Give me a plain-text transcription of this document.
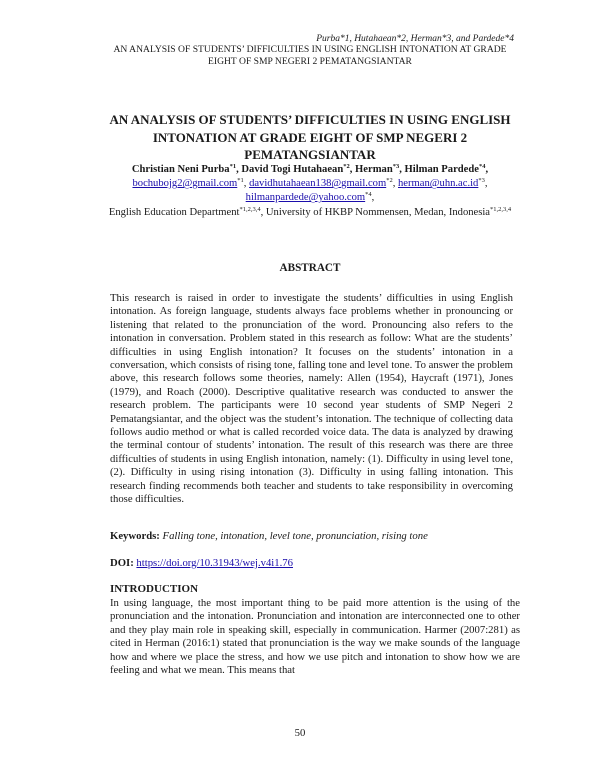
Purba*1, Hutahaean*2, Herman*3, and Pardede*4
AN ANALYSIS OF STUDENTS’ DIFFICULTIES IN USING ENGLISH INTONATION AT GRADE EIGHT OF SMP NEGERI 2 PEMATANGSIANTAR
AN ANALYSIS OF STUDENTS’ DIFFICULTIES IN USING ENGLISH INTONATION AT GRADE EIGHT OF SMP NEGERI 2 PEMATANGSIANTAR
Christian Neni Purba$^{*1}$, David Togi Hutahaean$^{*2}$, Herman$^{*3}$, Hilman Pardede$^{*4}$,
bochubojg2@gmail.com$^{*1}$, davidhutahaean138@gmail.com$^{*2}$, $herman@uhn.ac.id^{*3}$,
hilmanpardede@yahoo.com$^{*4}$,
English Education Department$^{*1,2,3,4}$, University of HKBP Nommensen, Medan, Indonesia$^{*1,2,3,4}$
ABSTRACT
This research is raised in order to investigate the students’ difficulties in using English intonation. As foreign language, students always face problems whether in pronouncing or listening that related to the pronunciation of the word. Pronouncing also refers to the intonation in conversation. Problem stated in this research as follow: What are the students’ difficulties in using English intonation? It focuses on the students’ intonation in a conversation, which consists of rising tone, falling tone and level tone. To answer the problem above, this research follows some theories, namely: Allen (1954), Haycraft (1971), Jones (1979), and Roach (2000). Descriptive qualitative research was conducted to answer the research problem. The participants were 10 second year students of SMP Negeri 2 Pematangsiantar, and the object was the student’s intonation. The technique of collecting data follows audio method or what is called recorded voice data. The data is analyzed by drawing the terminal contour of students’ intonation. The result of this research was there are three difficulties of students in using English intonation, namely: (1). Difficulty in using level tone, (2). Difficulty in using rising intonation (3). Difficulty in using falling intonation. This research finding recommends both teacher and students to take responsibility in overcoming those difficulties.
Keywords: Falling tone, intonation, level tone, pronunciation, rising tone
DOI: https://doi.org/10.31943/wej.v4i1.76
INTRODUCTION
In using language, the most important thing to be paid more attention is the using of the pronunciation and the intonation. Pronunciation and intonation are interconnected one to other and they play main role in speaking skill, especially in communication. Harmer (2007:281) as cited in Herman (2016:1) stated that pronunciation is the way we make sounds of the language how and where we place the stress, and how we use pitch and intonation to show how we are feeling and what we mean. This means that
50
